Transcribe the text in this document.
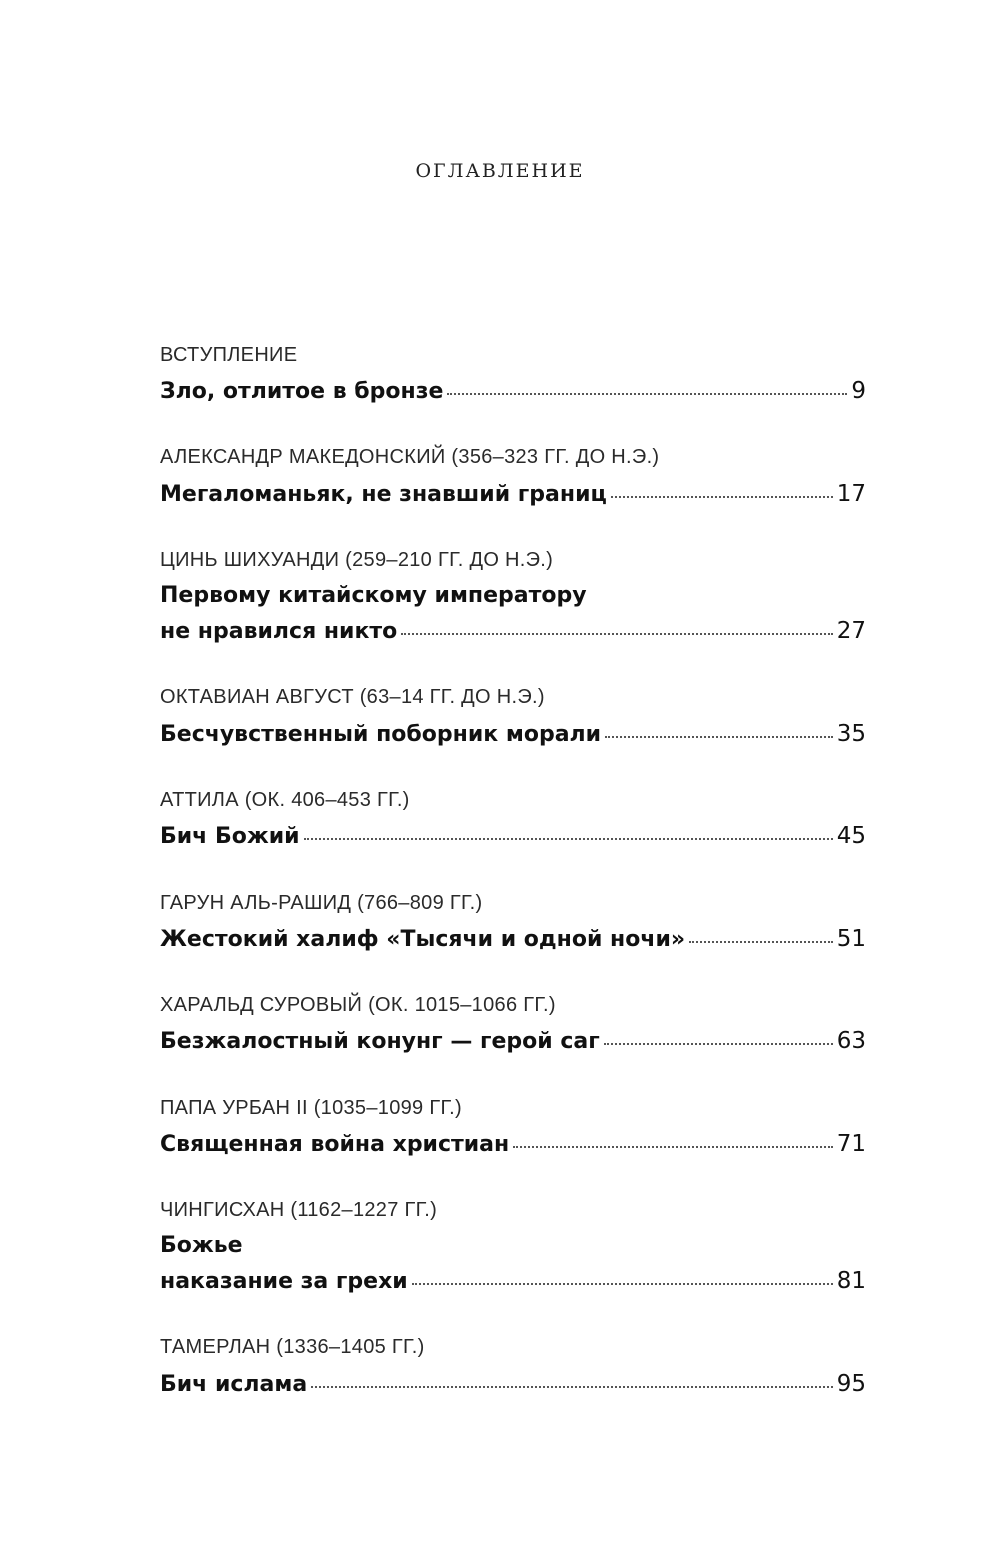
ОГЛАВЛЕНИЕ
ВСТУПЛЕНИЕ
Зло, отлитое в бронзе	9
АЛЕКСАНДР МАКЕДОНСКИЙ (356–323 ГГ. ДО Н.Э.)
Мегаломаньяк, не знавший границ	17
ЦИНЬ ШИХУАНДИ (259–210 ГГ. ДО Н.Э.)
Первому китайскому императору
не нравился никто	27
ОКТАВИАН АВГУСТ (63–14 ГГ. ДО Н.Э.)
Бесчувственный поборник морали	35
АТТИЛА (ОК. 406–453 ГГ.)
Бич Божий	45
ГАРУН АЛЬ-РАШИД (766–809 ГГ.)
Жестокий халиф «Тысячи и одной ночи»	51
ХАРАЛЬД СУРОВЫЙ (ОК. 1015–1066 ГГ.)
Безжалостный конунг — герой саг	63
ПАПА УРБАН II (1035–1099 ГГ.)
Священная война христиан	71
ЧИНГИСХАН (1162–1227 ГГ.)
Божье
наказание за грехи	81
ТАМЕРЛАН (1336–1405 ГГ.)
Бич ислама	95
